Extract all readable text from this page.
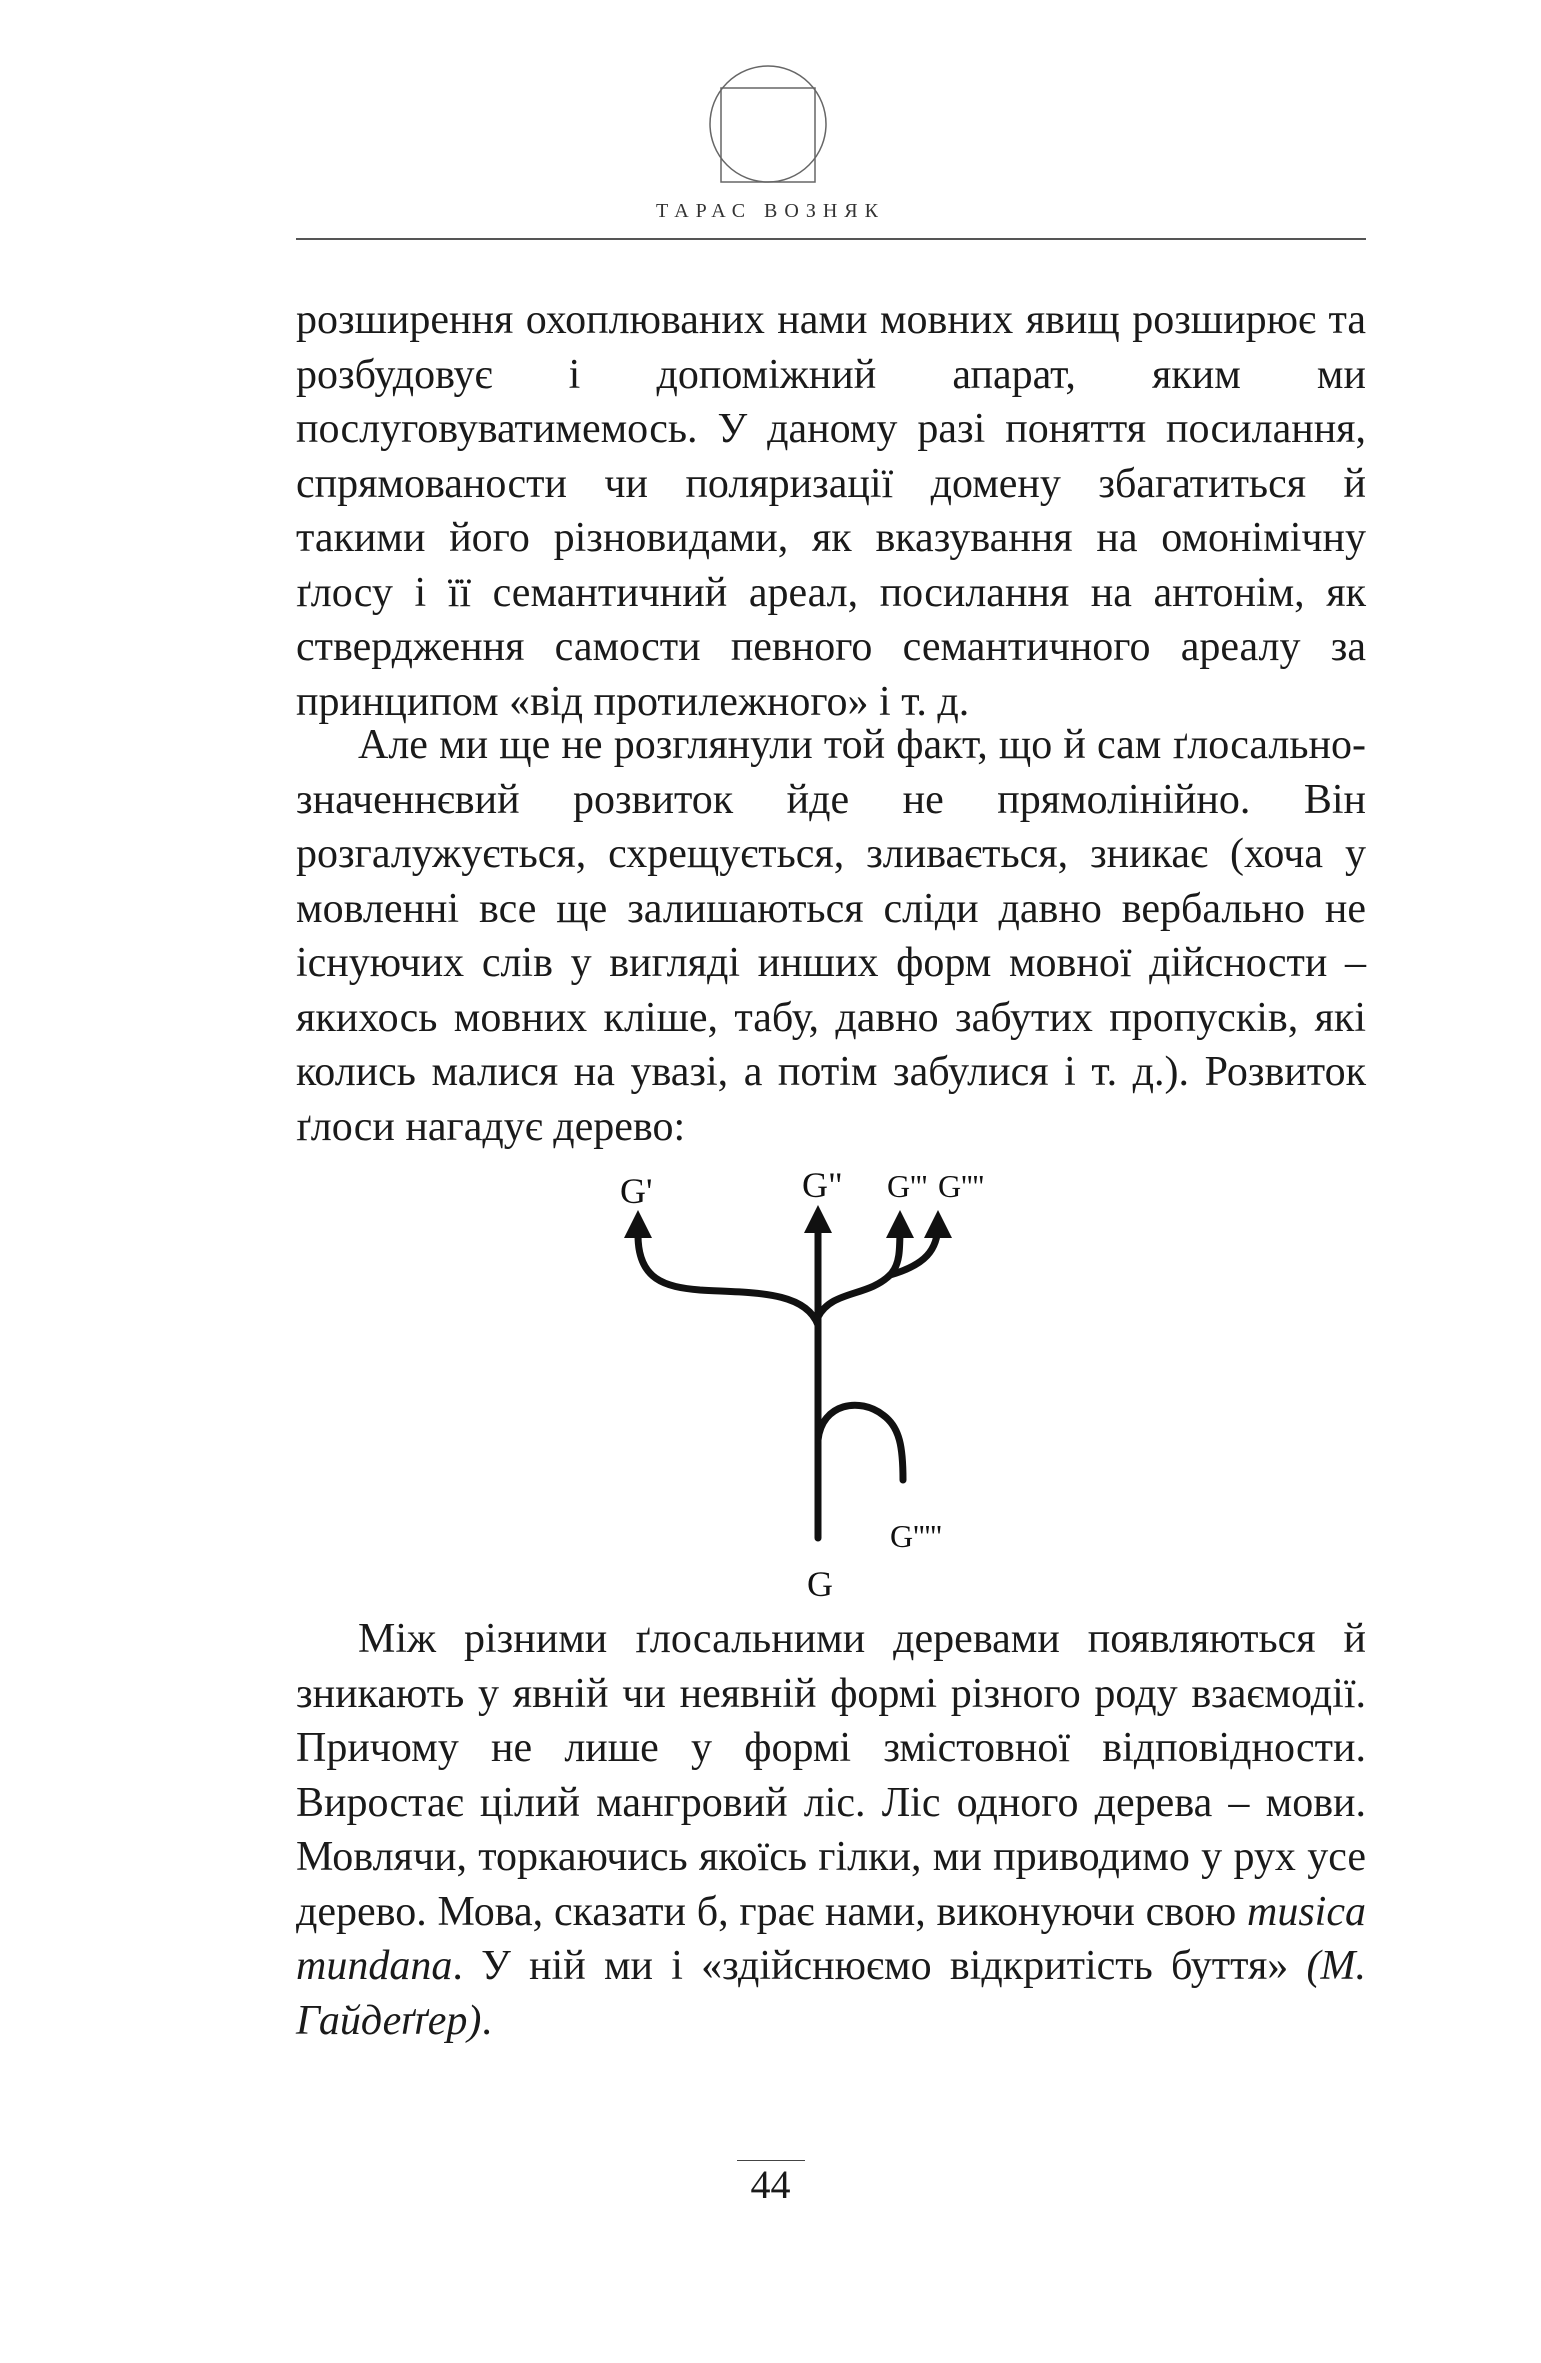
ТАРАС ВОЗНЯК

розширення охоплюваних нами мовних явищ розширює та розбудовує і допоміжний апарат, яким ми послуговуватимемось. У даному разі поняття посилання, спрямованости чи поляризації домену збагатиться й такими його різновидами, як вказування на омонімічну ґлосу і її семантичний ареал, посилання на антонім, як ствердження самости певного семантичного ареалу за принципом «від протилежного» і т. д.

Але ми ще не розглянули той факт, що й сам ґлосально-значеннєвий розвиток йде не прямолінійно. Він розгалужується, схрещується, зливається, зникає (хоча у мовленні все ще залишаються сліди давно вербально не існуючих слів у вигляді инших форм мовної дійсности – якихось мовних кліше, табу, давно забутих пропусків, які колись малися на увазі, а потім забулися і т. д.). Розвиток ґлоси нагадує дерево:

G'	G" G''' G''''
G'''''
G

Між різними ґлосальними деревами появляються й зникають у явній чи неявній формі різного роду взаємодії. Причому не лише у формі змістовної відповідности. Виростає цілий мангровий ліс. Ліс одного дерева – мови. Мовлячи, торкаючись якоїсь гілки, ми приводимо у рух усе дерево. Мова, сказати б, грає нами, виконуючи свою musica mundana. У ній ми і «здійснюємо відкритість буття» (М. Гайдеґґер).

44
